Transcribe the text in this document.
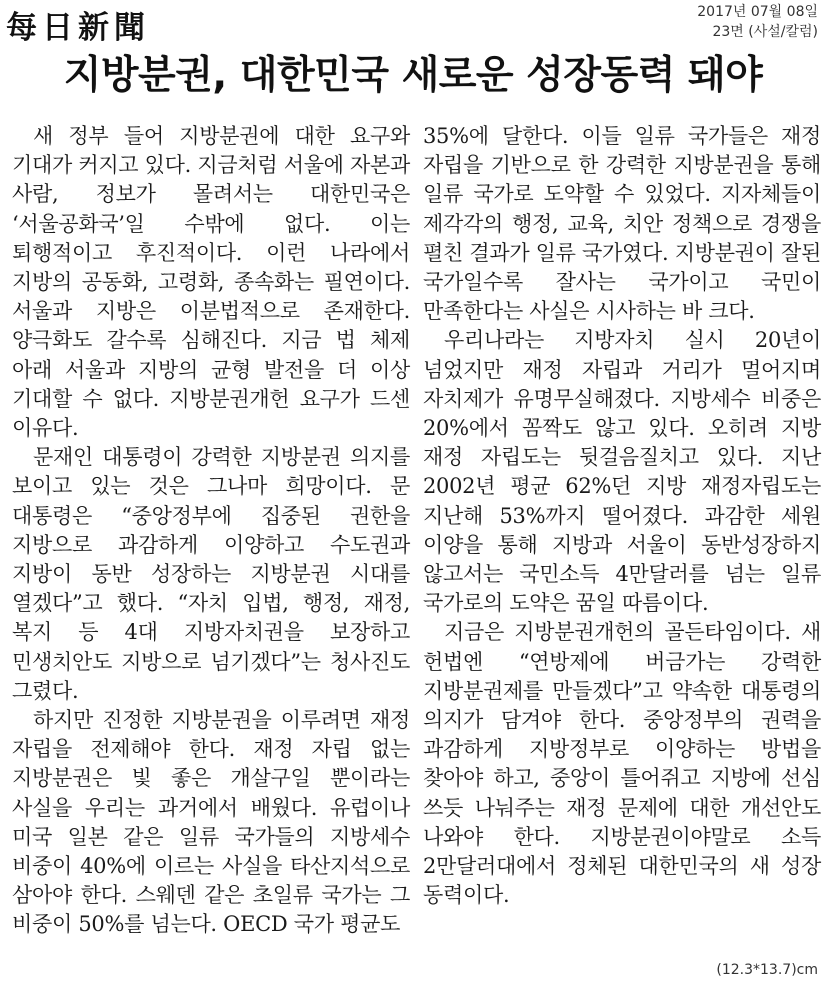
每日新聞	2017년 07월 08일
23면 (사설/칼럼)
지방분권, 대한민국 새로운 성장동력 돼야

새 정부 들어 지방분권에 대한 요구와 기대가 커지고 있다. 지금처럼 서울에 자본과 사람, 정보가 몰려서는 대한민국은 ‘서울공화국’일 수밖에 없다. 이는 퇴행적이고 후진적이다. 이런 나라에서 지방의 공동화, 고령화, 종속화는 필연이다. 서울과 지방은 이분법적으로 존재한다. 양극화도 갈수록 심해진다. 지금 법 체제 아래 서울과 지방의 균형 발전을 더 이상 기대할 수 없다. 지방분권개헌 요구가 드센 이유다.

문재인 대통령이 강력한 지방분권 의지를 보이고 있는 것은 그나마 희망이다. 문 대통령은 “중앙정부에 집중된 권한을 지방으로 과감하게 이양하고 수도권과 지방이 동반 성장하는 지방분권 시대를 열겠다”고 했다. “자치 입법, 행정, 재정, 복지 등 4대 지방자치권을 보장하고 민생치안도 지방으로 넘기겠다”는 청사진도 그렸다.

하지만 진정한 지방분권을 이루려면 재정 자립을 전제해야 한다. 재정 자립 없는 지방분권은 빛 좋은 개살구일 뿐이라는 사실을 우리는 과거에서 배웠다. 유럽이나 미국 일본 같은 일류 국가들의 지방세수 비중이 40%에 이르는 사실을 타산지석으로 삼아야 한다. 스웨덴 같은 초일류 국가는 그 비중이 50%를 넘는다. OECD 국가 평균도

35%에 달한다. 이들 일류 국가들은 재정 자립을 기반으로 한 강력한 지방분권을 통해 일류 국가로 도약할 수 있었다. 지자체들이 제각각의 행정, 교육, 치안 정책으로 경쟁을 펼친 결과가 일류 국가였다. 지방분권이 잘된 국가일수록 잘사는 국가이고 국민이 만족한다는 사실은 시사하는 바 크다.

우리나라는 지방자치 실시 20년이 넘었지만 재정 자립과 거리가 멀어지며 자치제가 유명무실해졌다. 지방세수 비중은 20%에서 꼼짝도 않고 있다. 오히려 지방 재정 자립도는 뒷걸음질치고 있다. 지난 2002년 평균 62%던 지방 재정자립도는 지난해 53%까지 떨어졌다. 과감한 세원 이양을 통해 지방과 서울이 동반성장하지 않고서는 국민소득 4만달러를 넘는 일류 국가로의 도약은 꿈일 따름이다.

지금은 지방분권개헌의 골든타임이다. 새 헌법엔 “연방제에 버금가는 강력한 지방분권제를 만들겠다”고 약속한 대통령의 의지가 담겨야 한다. 중앙정부의 권력을 과감하게 지방정부로 이양하는 방법을 찾아야 하고, 중앙이 틀어쥐고 지방에 선심 쓰듯 나눠주는 재정 문제에 대한 개선안도 나와야 한다. 지방분권이야말로 소득 2만달러대에서 정체된 대한민국의 새 성장 동력이다.

(12.3*13.7)cm
